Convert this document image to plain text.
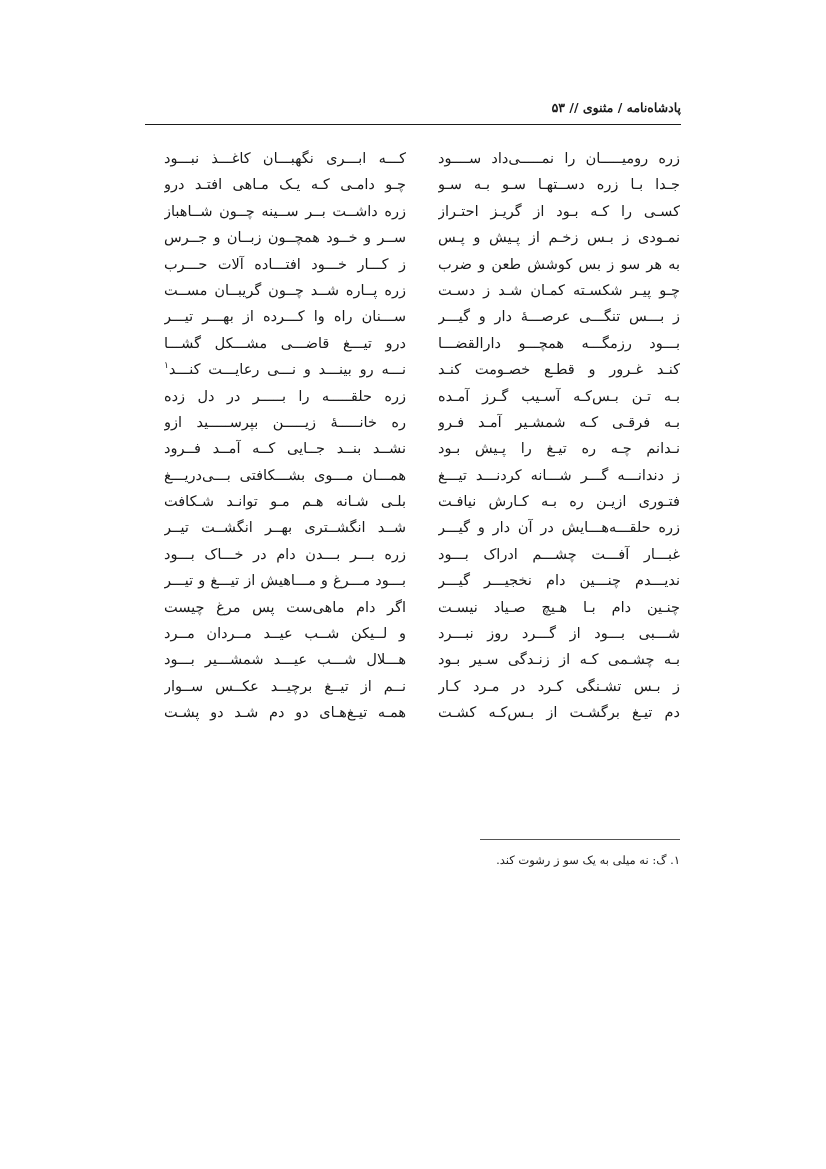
پادشاه‌نامه / مثنوی // ۵۳
زره رومیـــــان را نمـــــی‌داد ســــود
کـــه ابـــری نگهبـــان کاغـــذ نبـــود
جـدا بـا زره دســتهـا سـو بـه سـو
چـو دامـی کـه یـک مـاهی افتـد درو
کسـی را کـه بـود از گریـز احتـراز
زره داشــت بــر ســینه چــون شــاهباز
نمـودی ز بـس زخـم از پـیش و پـس
ســر و خــود همچــون زبــان و جــرس
به هر سو ز بس کوشش طعن و ضرب
ز کـــار خـــود افتـــاده آلات حـــرب
چـو پیـر شکسـته کمـان شـد ز دسـت
زره پــاره شــد چــون گریبــان مســت
ز بـــس تنگـــی عرصـــهٔ دار و گیـــر
ســـنان راه وا کـــرده از بهـــر تیـــر
بـــود رزمگـــه همچـــو دارالقضـــا
درو تیـــغ قاضـــی مشـــکل گشـــا
کنـد غـرور و قطـع خصـومت کنـد
نـــه رو بینـــد و نـــی رعایـــت کنـــد$^۱$
بـه تـن بـس‌کـه آسـیب گـرز آمـده
زره حلقـــــه را بـــــر در دل زده
بـه فرقـی کـه شمشـیر آمـد فـرو
ره خانـــــهٔ زیـــــن بپرســـــید ازو
نـدانم چـه ره تیـغ را پـیش بـود
نشــد بنــد جــایی کــه آمــد فــرود
ز دندانـــه گـــر شـــانه کردنـــد تیـــغ
همـــان مـــوی بشـــکافتی بـــی‌دریـــغ
فتـوری ازیـن ره بـه کـارش نیافـت
بلـی شـانه هـم مـو توانـد شـکافت
زره حلقـــه‌هـــایش در آن دار و گیـــر
شــد انگشــتری بهــر انگشــت تیــر
غبـــار آفـــت چشـــم ادراک بـــود
زره بـــر بـــدن دام در خـــاک بـــود
ندیـــدم چنـــین دام نخجیـــر گیـــر
بـــود مـــرغ و مـــاهیش از تیـــغ و تیـــر
چنـین دام بـا هـیچ صـیاد نیسـت
اگر دام ماهی‌ست پس مرغ چیست
شـــبی بـــود از گـــرد روز نبـــرد
و لــیکن شــب عیــد مــردان مــرد
بـه چشـمی کـه از زنـدگی سـیر بـود
هـــلال شـــب عیـــد شمشـــیر بـــود
ز بـس تشـنگی کـرد در مـرد کـار
نــم از تیــغ برچیــد عکــس ســوار
دم تیـغ برگشـت از بـس‌کـه کشـت
همـه تیـغ‌هـای دو دم شـد دو پشـت
۱. گ: نه میلی به یک سو ز رشوت کند.
